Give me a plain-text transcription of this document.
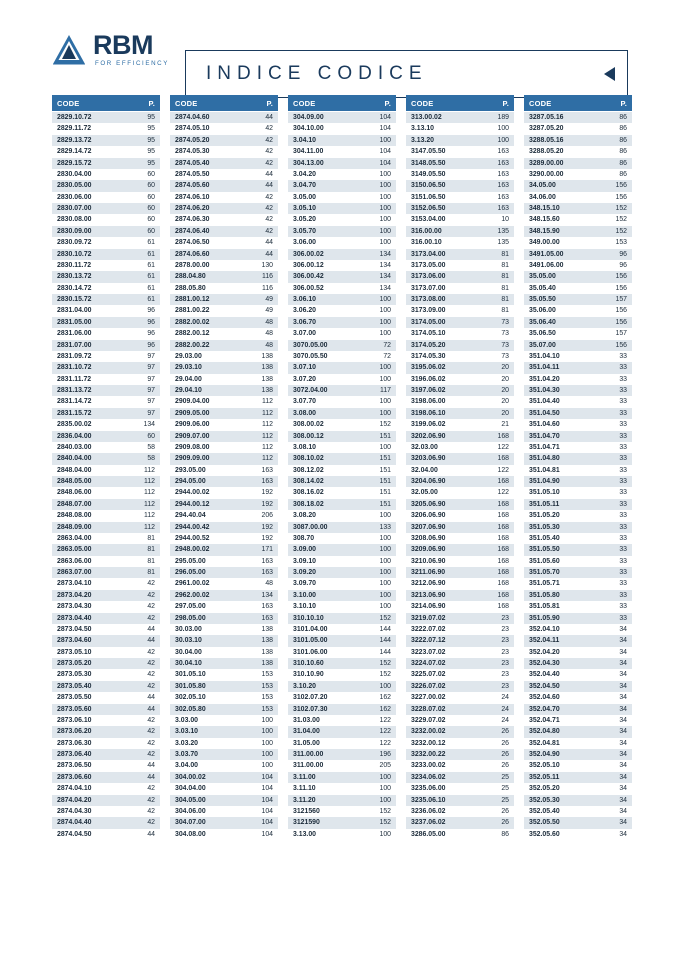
RBM
FOR EFFICIENCY INDICE CODICE
CODE	P.
2829.10.72	95
2829.11.72	95
2829.13.72	95
2829.14.72	95
2829.15.72	95
2830.04.00	60
2830.05.00	60
2830.06.00	60
2830.07.00	60
2830.08.00	60
2830.09.00	60
2830.09.72	61
2830.10.72	61
2830.11.72	61
2830.13.72	61
2830.14.72	61
2830.15.72	61
2831.04.00	96
2831.05.00	96
2831.06.00	96
2831.07.00	96
2831.09.72	97
2831.10.72	97
2831.11.72	97
2831.13.72	97
2831.14.72	97
2831.15.72	97
2835.00.02	134
2836.04.00	60
2840.03.00	58
2840.04.00	58
2848.04.00	112
2848.05.00	112
2848.06.00	112
2848.07.00	112
2848.08.00	112
2848.09.00	112
2863.04.00	81
2863.05.00	81
2863.06.00	81
2863.07.00	81
2873.04.10	42
2873.04.20	42
2873.04.30	42
2873.04.40	42
2873.04.50	44
2873.04.60	44
2873.05.10	42
2873.05.20	42
2873.05.30	42
2873.05.40	42
2873.05.50	44
2873.05.60	44
2873.06.10	42
2873.06.20	42
2873.06.30	42
2873.06.40	42
2873.06.50	44
2873.06.60	44
2874.04.10	42
2874.04.20	42
2874.04.30	42
2874.04.40	42
2874.04.50	44
CODE	P.
2874.04.60	44
2874.05.10	42
2874.05.20	42
2874.05.30	42
2874.05.40	42
2874.05.50	44
2874.05.60	44
2874.06.10	42
2874.06.20	42
2874.06.30	42
2874.06.40	42
2874.06.50	44
2874.06.60	44
2878.00.00	130
288.04.80	116
288.05.80	116
2881.00.12	49
2881.00.22	49
2882.00.02	48
2882.00.12	48
2882.00.22	48
29.03.00	138
29.03.10	138
29.04.00	138
29.04.10	138
2909.04.00	112
2909.05.00	112
2909.06.00	112
2909.07.00	112
2909.08.00	112
2909.09.00	112
293.05.00	163
294.05.00	163
2944.00.02	192
2944.00.12	192
294.40.04	206
2944.00.42	192
2944.00.52	192
2948.00.02	171
295.05.00	163
296.05.00	163
2961.00.02	48
2962.00.02	134
297.05.00	163
298.05.00	163
30.03.00	138
30.03.10	138
30.04.00	138
30.04.10	138
301.05.10	153
301.05.80	153
302.05.10	153
302.05.80	153
3.03.00	100
3.03.10	100
3.03.20	100
3.03.70	100
3.04.00	100
304.00.02	104
304.04.00	104
304.05.00	104
304.06.00	104
304.07.00	104
304.08.00	104
CODE	P.
304.09.00	104
304.10.00	104
3.04.10	100
304.11.00	104
304.13.00	104
3.04.20	100
3.04.70	100
3.05.00	100
3.05.10	100
3.05.20	100
3.05.70	100
3.06.00	100
306.00.02	134
306.00.12	134
306.00.42	134
306.00.52	134
3.06.10	100
3.06.20	100
3.06.70	100
3.07.00	100
3070.05.00	72
3070.05.50	72
3.07.10	100
3.07.20	100
3072.04.00	117
3.07.70	100
3.08.00	100
308.00.02	152
308.00.12	151
3.08.10	100
308.10.02	151
308.12.02	151
308.14.02	151
308.16.02	151
308.18.02	151
3.08.20	100
3087.00.00	133
308.70	100
3.09.00	100
3.09.10	100
3.09.20	100
3.09.70	100
3.10.00	100
3.10.10	100
310.10.10	152
3101.04.00	144
3101.05.00	144
3101.06.00	144
310.10.60	152
310.10.90	152
3.10.20	100
3102.07.20	162
3102.07.30	162
31.03.00	122
31.04.00	122
31.05.00	122
311.00.00	196
311.00.00	205
3.11.00	100
3.11.10	100
3.11.20	100
3121560	152
3121590	152
3.13.00	100
CODE	P.
313.00.02	189
3.13.10	100
3.13.20	100
3147.05.50	163
3148.05.50	163
3149.05.50	163
3150.06.50	163
3151.06.50	163
3152.06.50	163
3153.04.00	10
316.00.00	135
316.00.10	135
3173.04.00	81
3173.05.00	81
3173.06.00	81
3173.07.00	81
3173.08.00	81
3173.09.00	81
3174.05.00	73
3174.05.10	73
3174.05.20	73
3174.05.30	73
3195.06.02	20
3196.06.02	20
3197.06.02	20
3198.06.00	20
3198.06.10	20
3199.06.02	21
3202.06.90	168
32.03.00	122
3203.06.90	168
32.04.00	122
3204.06.90	168
32.05.00	122
3205.06.90	168
3206.06.90	168
3207.06.90	168
3208.06.90	168
3209.06.90	168
3210.06.90	168
3211.06.90	168
3212.06.90	168
3213.06.90	168
3214.06.90	168
3219.07.02	23
3222.07.02	23
3222.07.12	23
3223.07.02	23
3224.07.02	23
3225.07.02	23
3226.07.02	23
3227.00.02	24
3228.07.02	24
3229.07.02	24
3232.00.02	26
3232.00.12	26
3232.00.22	26
3233.00.02	26
3234.06.02	25
3235.06.00	25
3235.06.10	25
3236.06.02	26
3237.06.02	26
3286.05.00	86
CODE	P.
3287.05.16	86
3287.05.20	86
3288.05.16	86
3288.05.20	86
3289.00.00	86
3290.00.00	86
34.05.00	156
34.06.00	156
348.15.10	152
348.15.60	152
348.15.90	152
349.00.00	153
3491.05.00	96
3491.06.00	96
35.05.00	156
35.05.40	156
35.05.50	157
35.06.00	156
35.06.40	156
35.06.50	157
35.07.00	156
351.04.10	33
351.04.11	33
351.04.20	33
351.04.30	33
351.04.40	33
351.04.50	33
351.04.60	33
351.04.70	33
351.04.71	33
351.04.80	33
351.04.81	33
351.04.90	33
351.05.10	33
351.05.11	33
351.05.20	33
351.05.30	33
351.05.40	33
351.05.50	33
351.05.60	33
351.05.70	33
351.05.71	33
351.05.80	33
351.05.81	33
351.05.90	33
352.04.10	34
352.04.11	34
352.04.20	34
352.04.30	34
352.04.40	34
352.04.50	34
352.04.60	34
352.04.70	34
352.04.71	34
352.04.80	34
352.04.81	34
352.04.90	34
352.05.10	34
352.05.11	34
352.05.20	34
352.05.30	34
352.05.40	34
352.05.50	34
352.05.60	34
